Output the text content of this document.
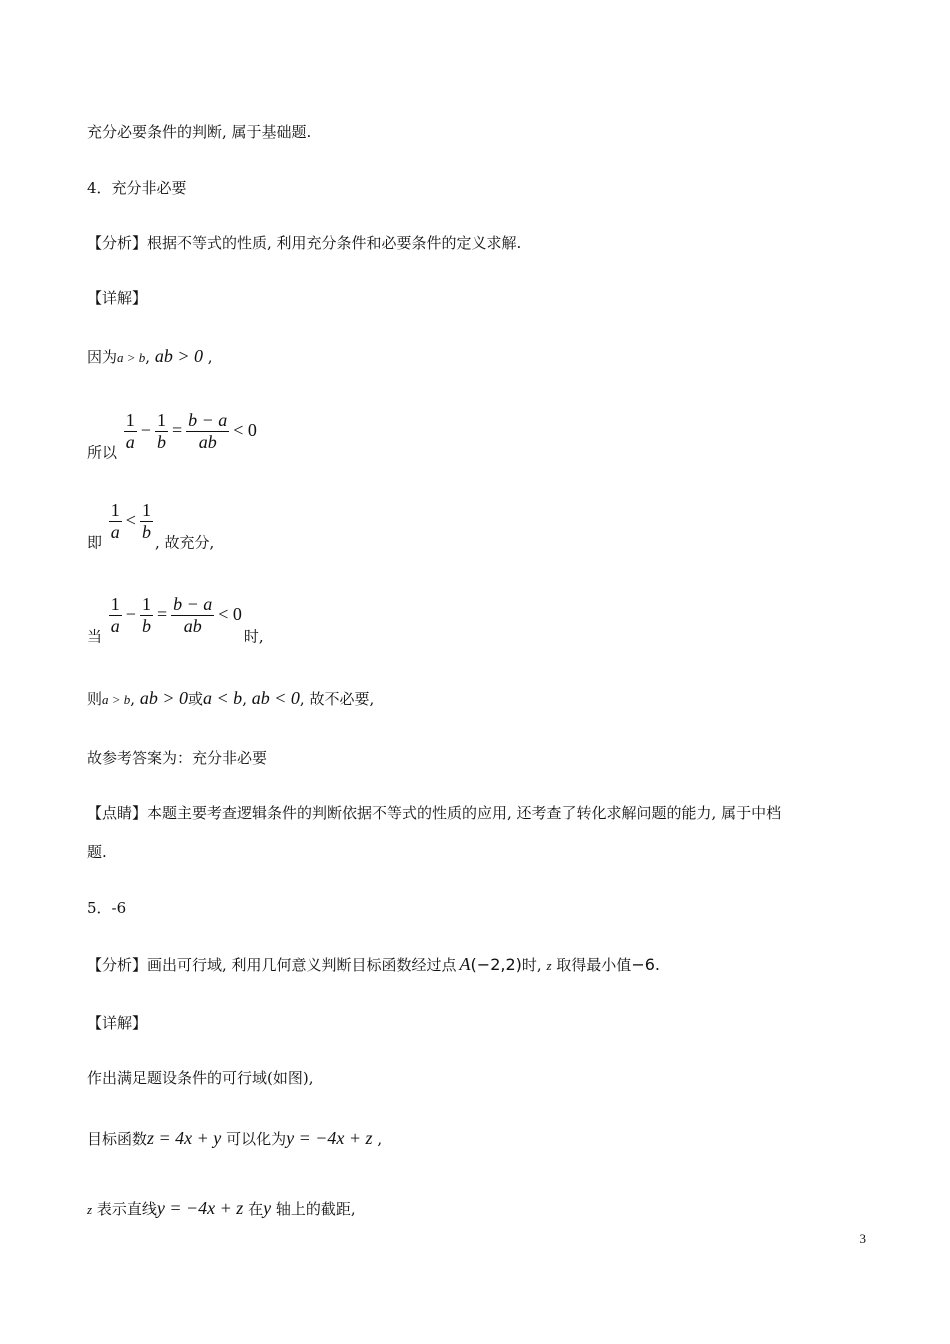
充分必要条件的判断, 属于基础题.
4．充分非必要
【分析】根据不等式的性质, 利用充分条件和必要条件的定义求解.
【详解】
因为a > b, ab > 0 ,
所以 $\frac{1}{a} - \frac{1}{b} = \frac{b - a}{ab} < 0$
即 $\frac{1}{a} < \frac{1}{b}$ , 故充分,
当 $\frac{1}{a} - \frac{1}{b} = \frac{b - a}{ab} < 0$时,
则a > b, ab > 0或a < b, ab < 0, 故不必要,
故参考答案为：充分非必要
【点睛】本题主要考查逻辑条件的判断依据不等式的性质的应用, 还考查了转化求解问题的能力, 属于中档
题.
5．-6
【分析】画出可行域, 利用几何意义判断目标函数经过点 A(−2,2)时, z 取得最小值−6.
【详解】
作出满足题设条件的可行域(如图),
目标函数z = 4x + y 可以化为y = −4x + z ,
z 表示直线y = −4x + z 在y 轴上的截距,
3
